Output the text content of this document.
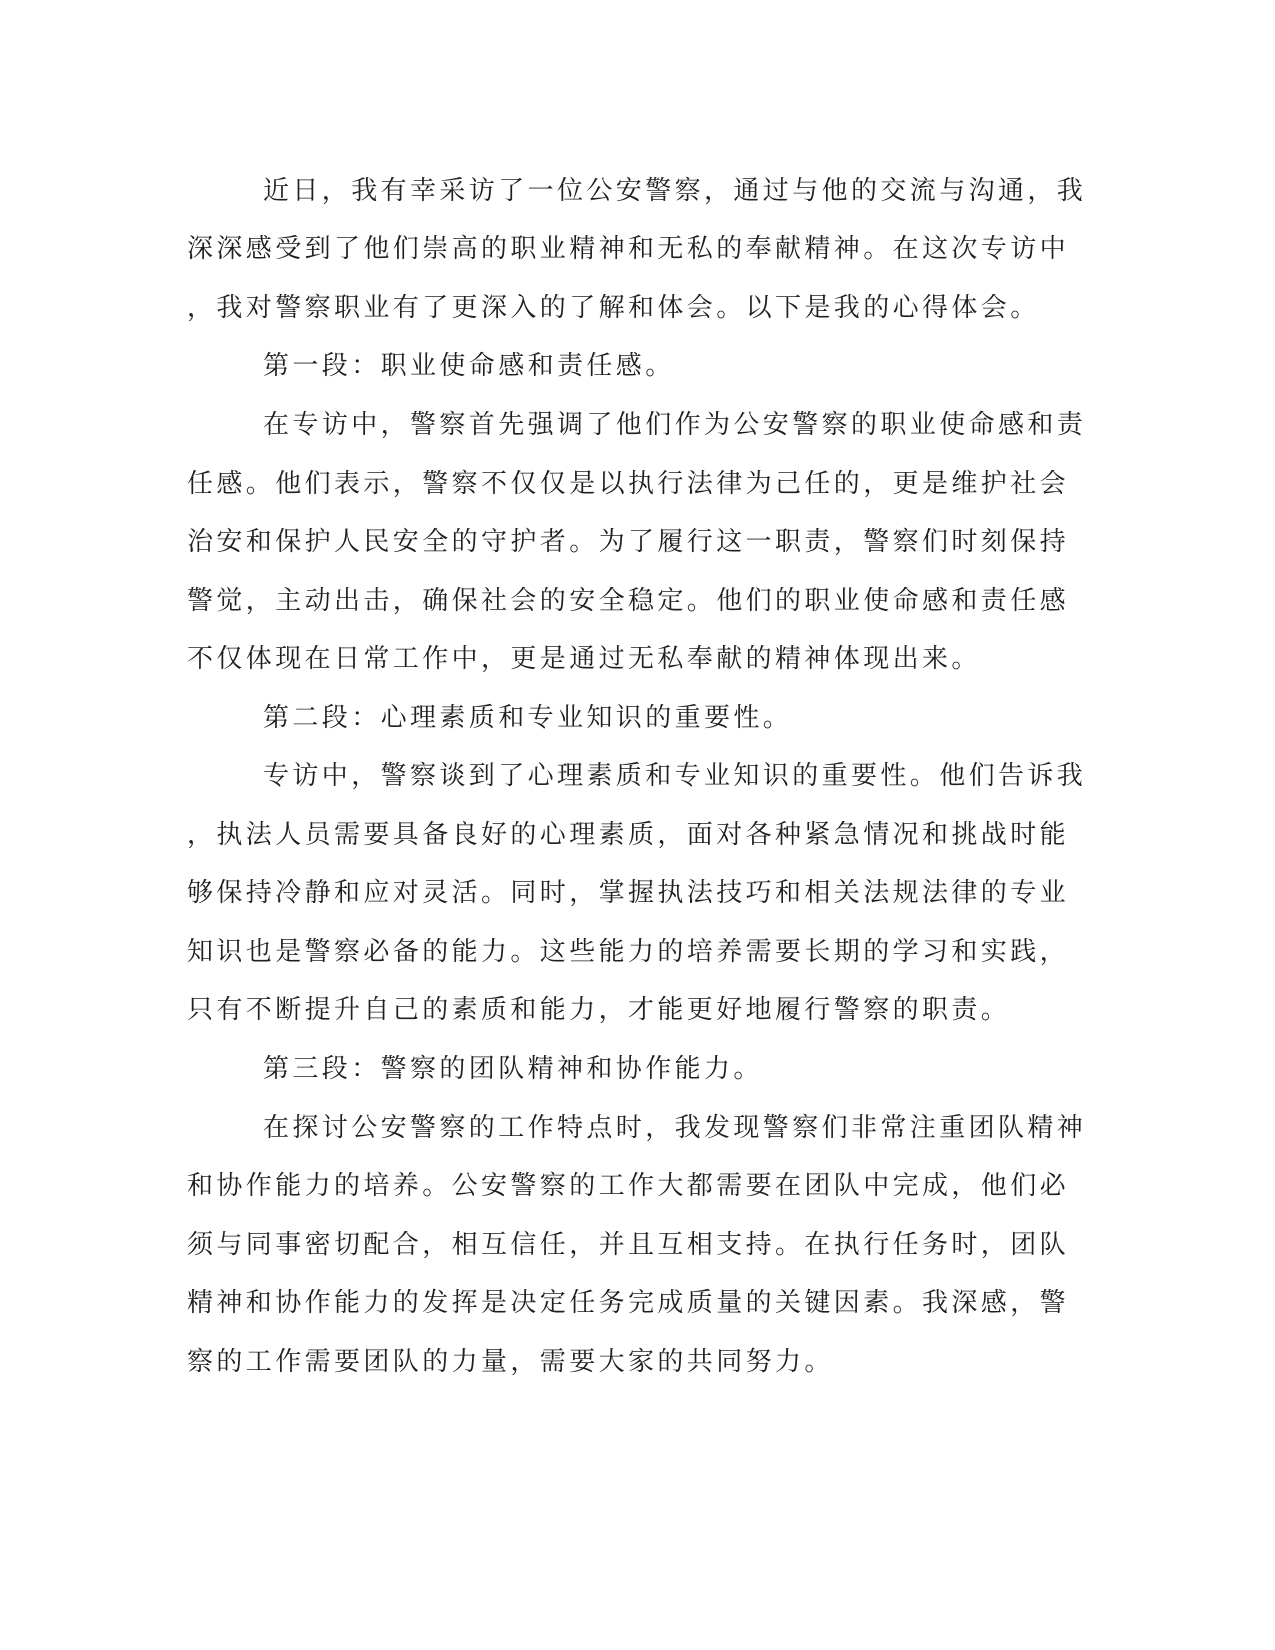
近日，我有幸采访了一位公安警察，通过与他的交流与沟通，我
深深感受到了他们崇高的职业精神和无私的奉献精神。在这次专访中
，我对警察职业有了更深入的了解和体会。以下是我的心得体会。
第一段：职业使命感和责任感。
在专访中，警察首先强调了他们作为公安警察的职业使命感和责
任感。他们表示，警察不仅仅是以执行法律为己任的，更是维护社会
治安和保护人民安全的守护者。为了履行这一职责，警察们时刻保持
警觉，主动出击，确保社会的安全稳定。他们的职业使命感和责任感
不仅体现在日常工作中，更是通过无私奉献的精神体现出来。
第二段：心理素质和专业知识的重要性。
专访中，警察谈到了心理素质和专业知识的重要性。他们告诉我
，执法人员需要具备良好的心理素质，面对各种紧急情况和挑战时能
够保持冷静和应对灵活。同时，掌握执法技巧和相关法规法律的专业
知识也是警察必备的能力。这些能力的培养需要长期的学习和实践，
只有不断提升自己的素质和能力，才能更好地履行警察的职责。
第三段：警察的团队精神和协作能力。
在探讨公安警察的工作特点时，我发现警察们非常注重团队精神
和协作能力的培养。公安警察的工作大都需要在团队中完成，他们必
须与同事密切配合，相互信任，并且互相支持。在执行任务时，团队
精神和协作能力的发挥是决定任务完成质量的关键因素。我深感，警
察的工作需要团队的力量，需要大家的共同努力。
